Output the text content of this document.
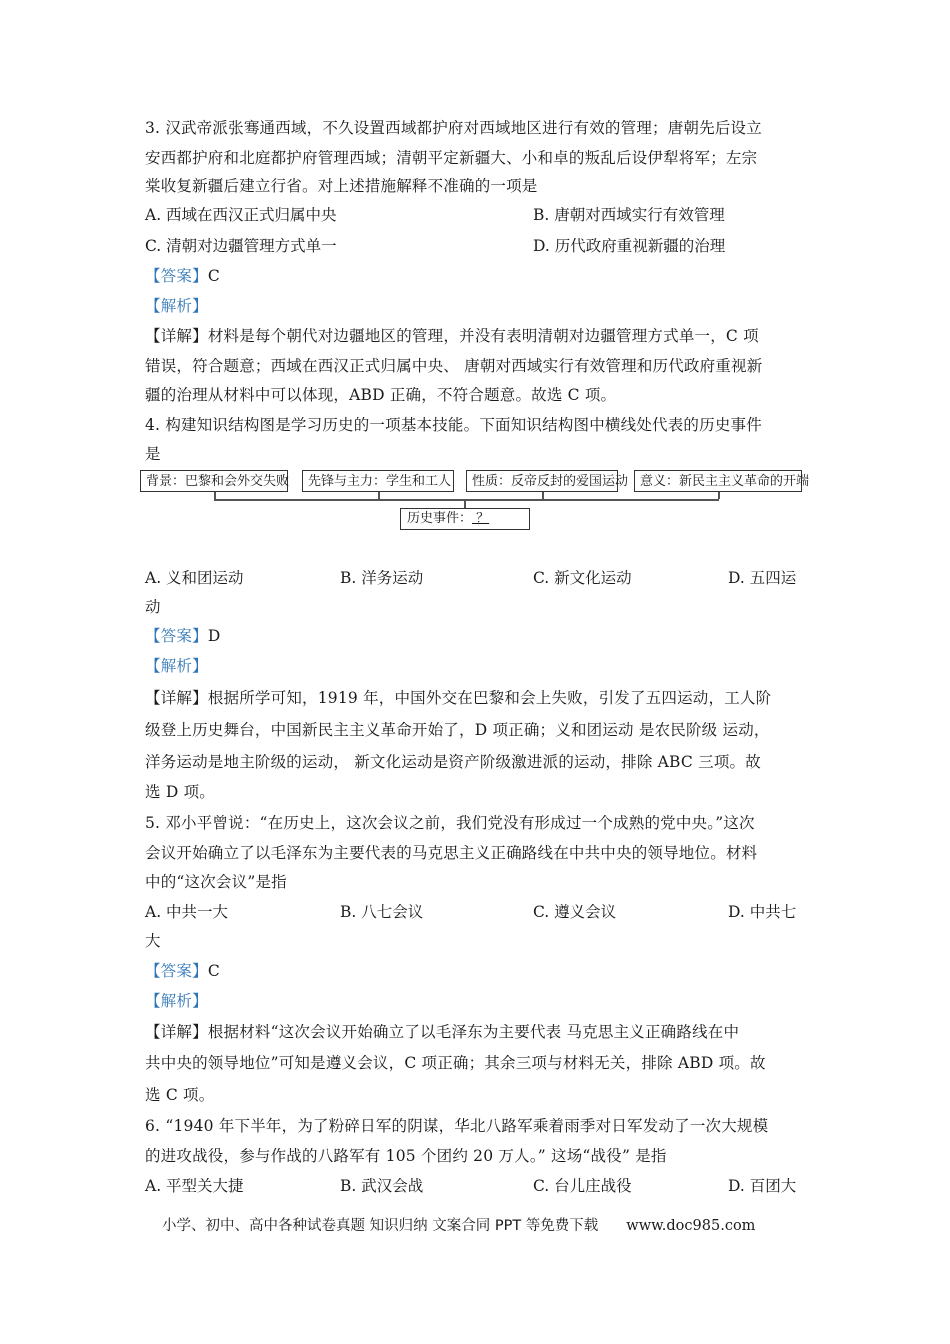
3. 汉武帝派张骞通西域，不久设置西域都护府对西域地区进行有效的管理；唐朝先后设立
安西都护府和北庭都护府管理西域；清朝平定新疆大、小和卓的叛乱后设伊犁将军；左宗
棠收复新疆后建立行省。对上述措施解释不准确的一项是
A. 西域在西汉正式归属中央	B. 唐朝对西域实行有效管理
C. 清朝对边疆管理方式单一	D. 历代政府重视新疆的治理
【答案】C
【解析】
【详解】材料是每个朝代对边疆地区的管理，并没有表明清朝对边疆管理方式单一，C 项
错误，符合题意；西域在西汉正式归属中央、 唐朝对西域实行有效管理和历代政府重视新
疆的治理从材料中可以体现，ABD 正确，不符合题意。故选 C 项。
4. 构建知识结构图是学习历史的一项基本技能。下面知识结构图中横线处代表的历史事件
是
背景：巴黎和会外交失败	先锋与主力：学生和工人	性质：反帝反封的爱国运动 意义：新民主主义革命的开端
历史事件： ？
A. 义和团运动	B. 洋务运动	C. 新文化运动	D. 五四运
动
【答案】D
【解析】
【详解】根据所学可知，1919 年，中国外交在巴黎和会上失败，引发了五四运动，工人阶
级登上历史舞台，中国新民主主义革命开始了，D 项正确；义和团运动 是农民阶级 运动，
洋务运动是地主阶级的运动， 新文化运动是资产阶级激进派的运动，排除 ABC 三项。故
选 D 项。
5. 邓小平曾说：“在历史上，这次会议之前，我们党没有形成过一个成熟的党中央。”这次
会议开始确立了以毛泽东为主要代表的马克思主义正确路线在中共中央的领导地位。材料
中的“这次会议”是指
A. 中共一大	B. 八七会议	C. 遵义会议	D. 中共七
大
【答案】C
【解析】
【详解】根据材料“这次会议开始确立了以毛泽东为主要代表 马克思主义正确路线在中
共中央的领导地位”可知是遵义会议，C 项正确；其余三项与材料无关，排除 ABD 项。故
选 C 项。
6. “1940 年下半年，为了粉碎日军的阴谋，华北八路军乘着雨季对日军发动了一次大规模
的进攻战役，参与作战的八路军有 105 个团约 20 万人。” 这场“战役” 是指
A. 平型关大捷	B. 武汉会战	C. 台儿庄战役	D. 百团大
小学、初中、高中各种试卷真题 知识归纳 文案合同 PPT 等免费下载 www.doc985.com
